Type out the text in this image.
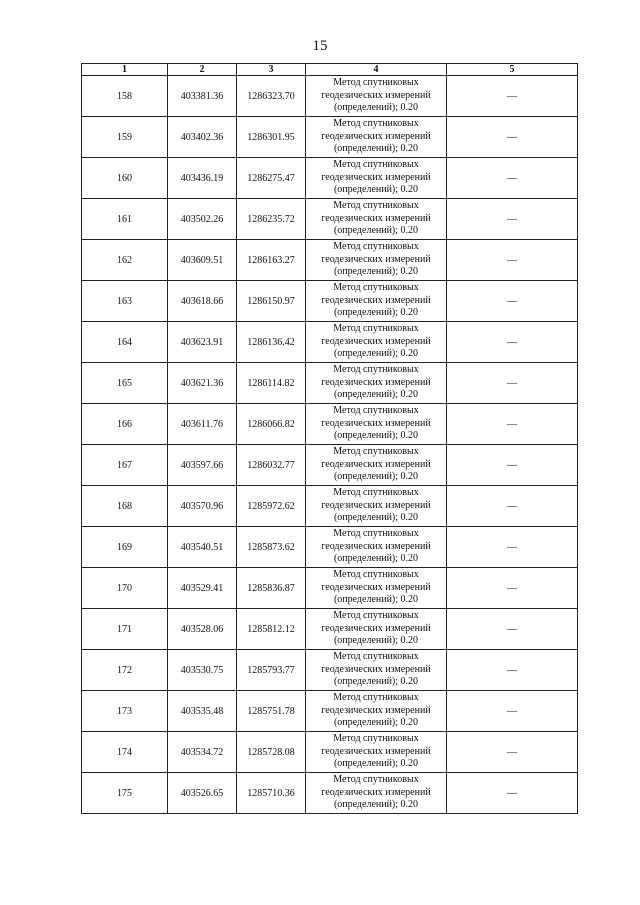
15
1	2	3	4	5
158	403381.36	1286323.70	Метод спутниковых
геодезических измерений
(определений); 0.20	—
159	403402.36	1286301.95	Метод спутниковых
геодезических измерений
(определений); 0.20	—
160	403436.19	1286275.47	Метод спутниковых
геодезических измерений
(определений); 0.20	—
161	403502.26	1286235.72	Метод спутниковых
геодезических измерений
(определений); 0.20	—
162	403609.51	1286163.27	Метод спутниковых
геодезических измерений
(определений); 0.20	—
163	403618.66	1286150.97	Метод спутниковых
геодезических измерений
(определений); 0.20	—
164	403623.91	1286136.42	Метод спутниковых
геодезических измерений
(определений); 0.20	—
165	403621.36	1286114.82	Метод спутниковых
геодезических измерений
(определений); 0.20	—
166	403611.76	1286066.82	Метод спутниковых
геодезических измерений
(определений); 0.20	—
167	403597.66	1286032.77	Метод спутниковых
геодезических измерений
(определений); 0.20	—
168	403570.96	1285972.62	Метод спутниковых
геодезических измерений
(определений); 0.20	—
169	403540.51	1285873.62	Метод спутниковых
геодезических измерений
(определений); 0.20	—
170	403529.41	1285836.87	Метод спутниковых
геодезических измерений
(определений); 0.20	—
171	403528.06	1285812.12	Метод спутниковых
геодезических измерений
(определений); 0.20	—
172	403530.75	1285793.77	Метод спутниковых
геодезических измерений
(определений); 0.20	—
173	403535.48	1285751.78	Метод спутниковых
геодезических измерений
(определений); 0.20	—
174	403534.72	1285728.08	Метод спутниковых
геодезических измерений
(определений); 0.20	—
175	403526.65	1285710.36	Метод спутниковых
геодезических измерений
(определений); 0.20	—
